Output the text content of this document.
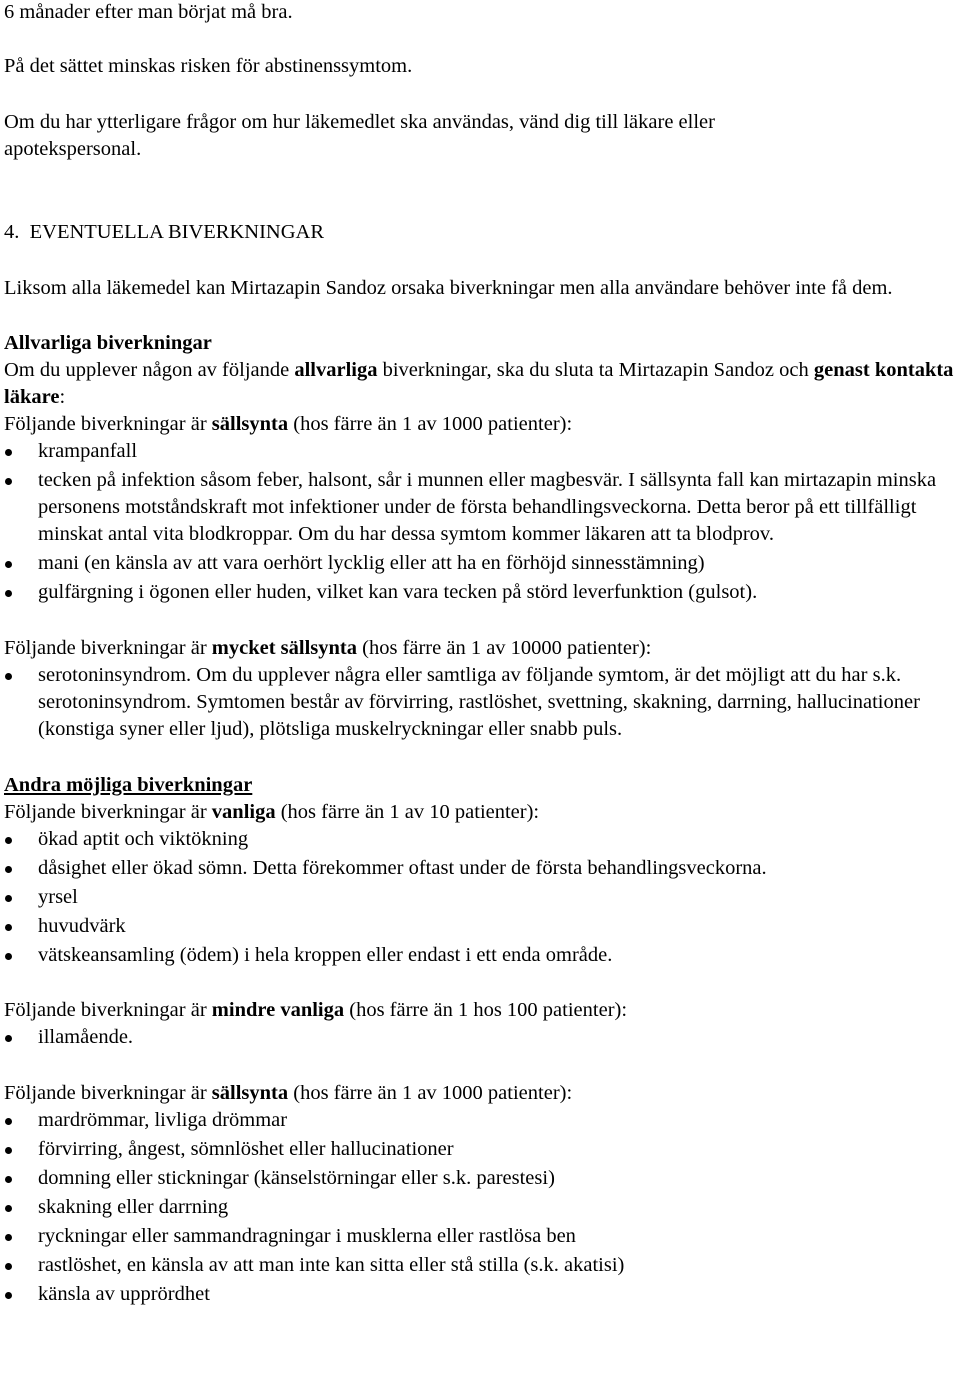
6 månader efter man börjat må bra.

På det sättet minskas risken för abstinenssymtom.

Om du har ytterligare frågor om hur läkemedlet ska användas, vänd dig till läkare eller apotekspersonal.

4.  EVENTUELLA BIVERKNINGAR

Liksom alla läkemedel kan Mirtazapin Sandoz orsaka biverkningar men alla användare behöver inte få dem.

Allvarliga biverkningar

Om du upplever någon av följande allvarliga biverkningar, ska du sluta ta Mirtazapin Sandoz och genast kontakta läkare:

Följande biverkningar är sällsynta (hos färre än 1 av 1000 patienter):

krampanfall
tecken på infektion såsom feber, halsont, sår i munnen eller magbesvär. I sällsynta fall kan mirtazapin minska personens motståndskraft mot infektioner under de första behandlingsveckorna. Detta beror på ett tillfälligt minskat antal vita blodkroppar. Om du har dessa symtom kommer läkaren att ta blodprov.
mani (en känsla av att vara oerhört lycklig eller att ha en förhöjd sinnesstämning)
gulfärgning i ögonen eller huden, vilket kan vara tecken på störd leverfunktion (gulsot).

Följande biverkningar är mycket sällsynta (hos färre än 1 av 10000 patienter):

serotoninsyndrom. Om du upplever några eller samtliga av följande symtom, är det möjligt att du har s.k. serotoninsyndrom. Symtomen består av förvirring, rastlöshet, svettning, skakning, darrning, hallucinationer (konstiga syner eller ljud), plötsliga muskelryckningar eller snabb puls.

Andra möjliga biverkningar

Följande biverkningar är vanliga (hos färre än 1 av 10 patienter):

ökad aptit och viktökning
dåsighet eller ökad sömn. Detta förekommer oftast under de första behandlingsveckorna.
yrsel
huvudvärk
vätskeansamling (ödem) i hela kroppen eller endast i ett enda område.

Följande biverkningar är mindre vanliga (hos färre än 1 hos 100 patienter):

illamående.

Följande biverkningar är sällsynta (hos färre än 1 av 1000 patienter):

mardrömmar, livliga drömmar
förvirring, ångest, sömnlöshet eller hallucinationer
domning eller stickningar (känselstörningar eller s.k. parestesi)
skakning eller darrning
ryckningar eller sammandragningar i musklerna eller rastlösa ben
rastlöshet, en känsla av att man inte kan sitta eller stå stilla (s.k. akatisi)
känsla av upprördhet
